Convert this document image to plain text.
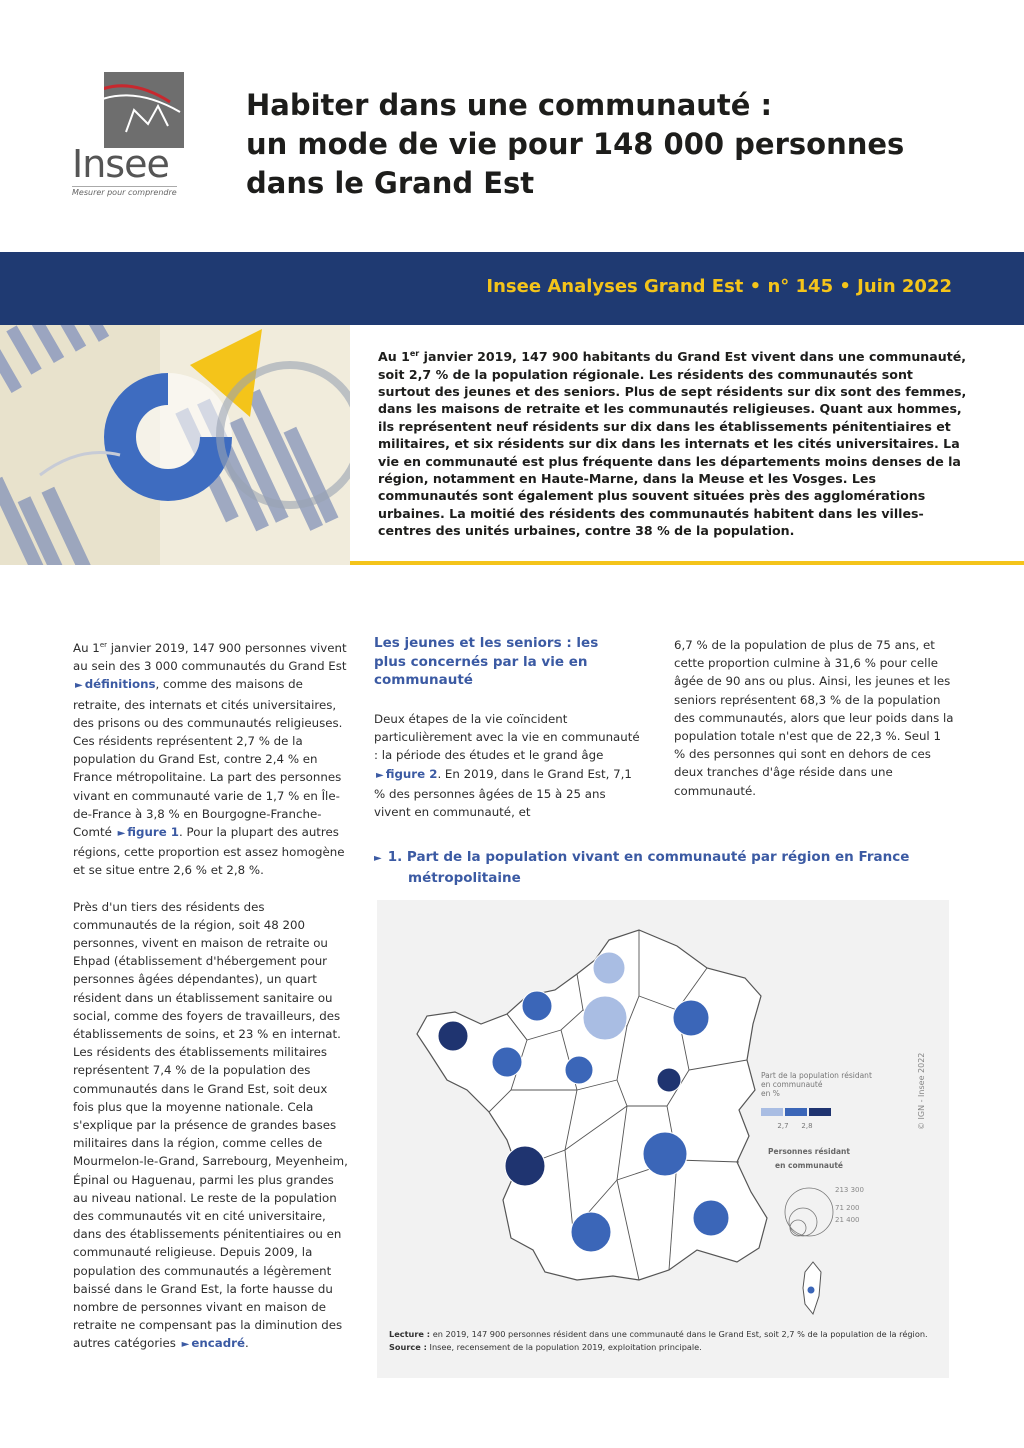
Insee
Mesurer pour comprendre
Habiter dans une communauté :
un mode de vie pour 148 000 personnes
dans le Grand Est
Insee Analyses Grand Est • n° 145 • Juin 2022

Au 1er janvier 2019, 147 900 habitants du Grand Est vivent dans une communauté, soit 2,7 % de la population régionale. Les résidents des communautés sont surtout des jeunes et des seniors. Plus de sept résidents sur dix sont des femmes, dans les maisons de retraite et les communautés religieuses. Quant aux hommes, ils représentent neuf résidents sur dix dans les établissements pénitentiaires et militaires, et six résidents sur dix dans les internats et les cités universitaires. La vie en communauté est plus fréquente dans les départements moins denses de la région, notamment en Haute-Marne, dans la Meuse et les Vosges. Les communautés sont également plus souvent situées près des agglomérations urbaines. La moitié des résidents des communautés habitent dans les villes-centres des unités urbaines, contre 38 % de la population.

Au 1er janvier 2019, 147 900 personnes vivent au sein des 3 000 communautés du Grand Est ► définitions, comme des maisons de retraite, des internats et cités universitaires, des prisons ou des communautés religieuses. Ces résidents représentent 2,7 % de la population du Grand Est, contre 2,4 % en France métropolitaine. La part des personnes vivant en communauté varie de 1,7 % en Île-de-France à 3,8 % en Bourgogne-Franche-Comté ► figure 1. Pour la plupart des autres régions, cette proportion est assez homogène et se situe entre 2,6 % et 2,8 %.

Près d'un tiers des résidents des communautés de la région, soit 48 200 personnes, vivent en maison de retraite ou Ehpad (établissement d'hébergement pour personnes âgées dépendantes), un quart résident dans un établissement sanitaire ou social, comme des foyers de travailleurs, des établissements de soins, et 23 % en internat. Les résidents des établissements militaires représentent 7,4 % de la population des communautés dans le Grand Est, soit deux fois plus que la moyenne nationale. Cela s'explique par la présence de grandes bases militaires dans la région, comme celles de Mourmelon-le-Grand, Sarrebourg, Meyenheim, Épinal ou Haguenau, parmi les plus grandes au niveau national. Le reste de la population des communautés vit en cité universitaire, dans des établissements pénitentiaires ou en communauté religieuse. Depuis 2009, la population des communautés a légèrement baissé dans le Grand Est, la forte hausse du nombre de personnes vivant en maison de retraite ne compensant pas la diminution des autres catégories ► encadré.

Les jeunes et les seniors : les plus concernés par la vie en communauté

Deux étapes de la vie coïncident particulièrement avec la vie en communauté : la période des études et le grand âge ► figure 2. En 2019, dans le Grand Est, 7,1 % des personnes âgées de 15 à 25 ans vivent en communauté, et

6,7 % de la population de plus de 75 ans, et cette proportion culmine à 31,6 % pour celle âgée de 90 ans ou plus. Ainsi, les jeunes et les seniors représentent 68,3 % de la population des communautés, alors que leur poids dans la population totale n'est que de 22,3 %. Seul 1 % des personnes qui sont en dehors de ces deux tranches d'âge réside dans une communauté.

► 1. Part de la population vivant en communauté par région en France métropolitaine
Part de la population résidant en communauté en %
2,7 2,8
Personnes résidant en communauté
213 300
71 200
21 400
© IGN - Insee 2022
Lecture : en 2019, 147 900 personnes résident dans une communauté dans le Grand Est, soit 2,7 % de la population de la région.
Source : Insee, recensement de la population 2019, exploitation principale.
